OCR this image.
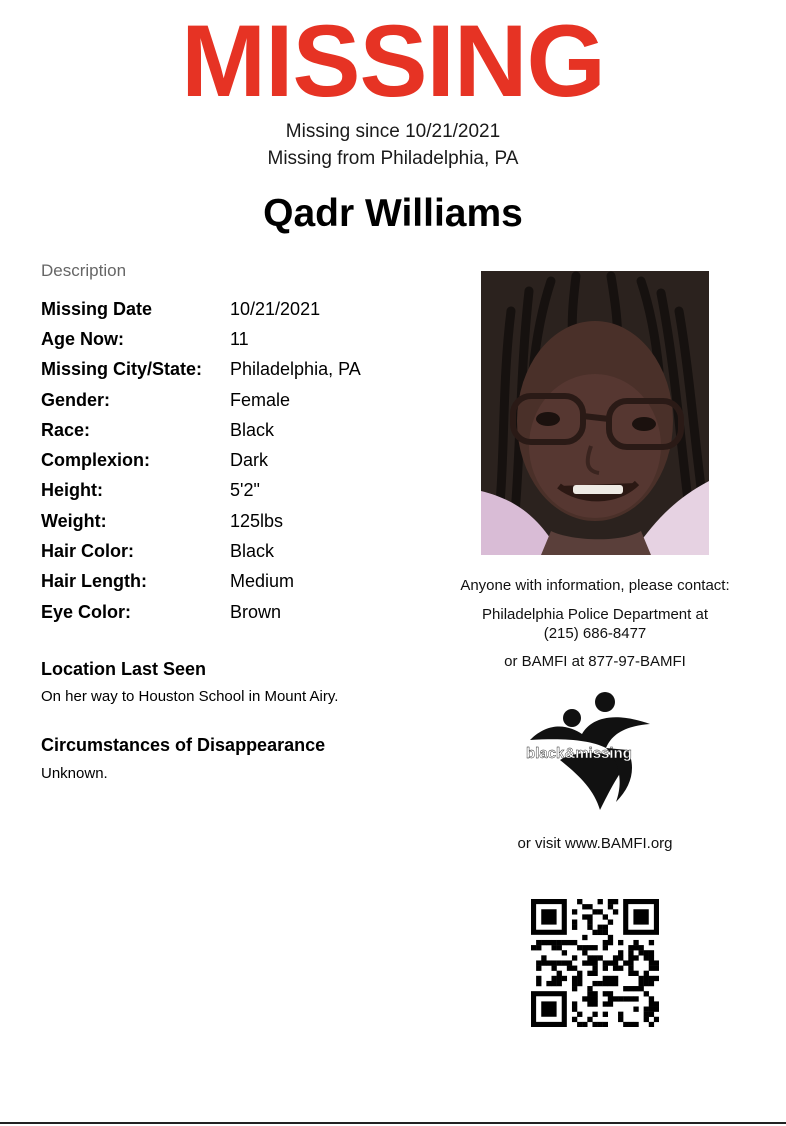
MISSING
Missing since 10/21/2021
Missing from Philadelphia, PA
Qadr Williams
Description
Missing Date	10/21/2021
Age Now:	11
Missing City/State:	Philadelphia, PA
Gender:	Female
Race:	Black
Complexion:	Dark
Height:	5'2"
Weight:	125lbs
Hair Color:	Black
Hair Length:	Medium
Eye Color:	Brown
Location Last Seen
On her way to Houston School in Mount Airy.
Circumstances of Disappearance
Unknown.
Anyone with information, please contact:
Philadelphia Police Department at
(215) 686-8477
or BAMFI at 877-97-BAMFI
black&missing
or visit www.BAMFI.org
